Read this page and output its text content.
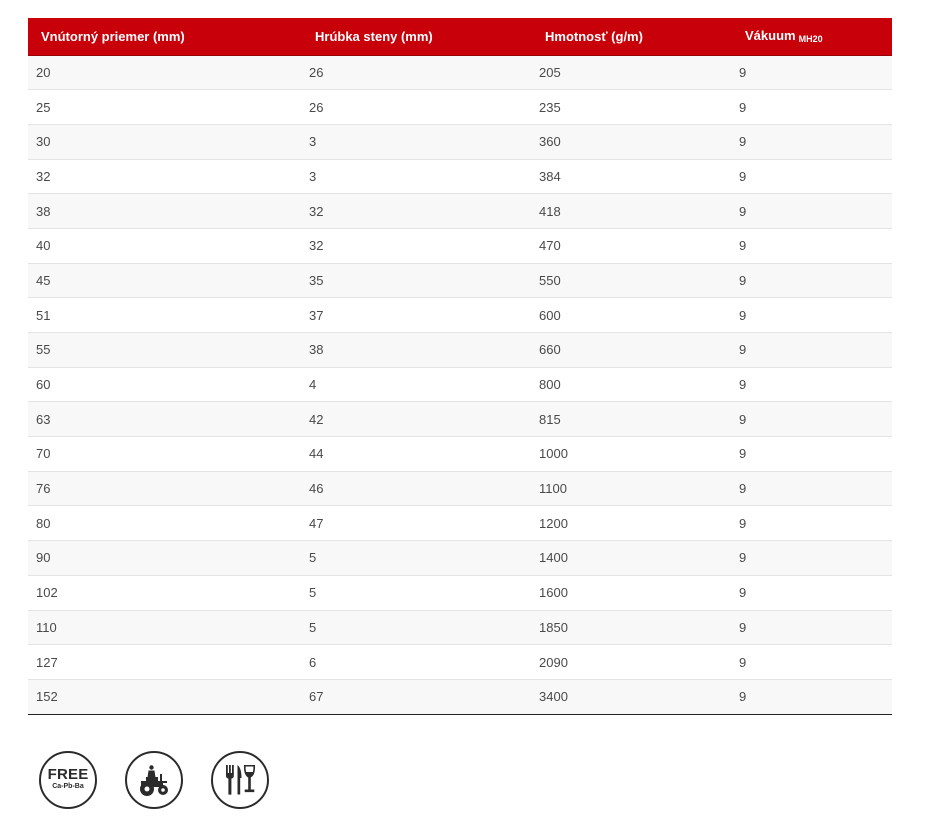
Vnútorný priemer (mm)	Hrúbka steny (mm)	Hmotnosť (g/m)	Vákuum $_{MH20}$
20	26	205	9
25	26	235	9
30	3	360	9
32	3	384	9
38	32	418	9
40	32	470	9
45	35	550	9
51	37	600	9
55	38	660	9
60	4	800	9
63	42	815	9
70	44	1000	9
76	46	1100	9
80	47	1200	9
90	5	1400	9
102	5	1600	9
110	5	1850	9
127	6	2090	9
152	67	3400	9
FREE
Ca-Pb-Ba
